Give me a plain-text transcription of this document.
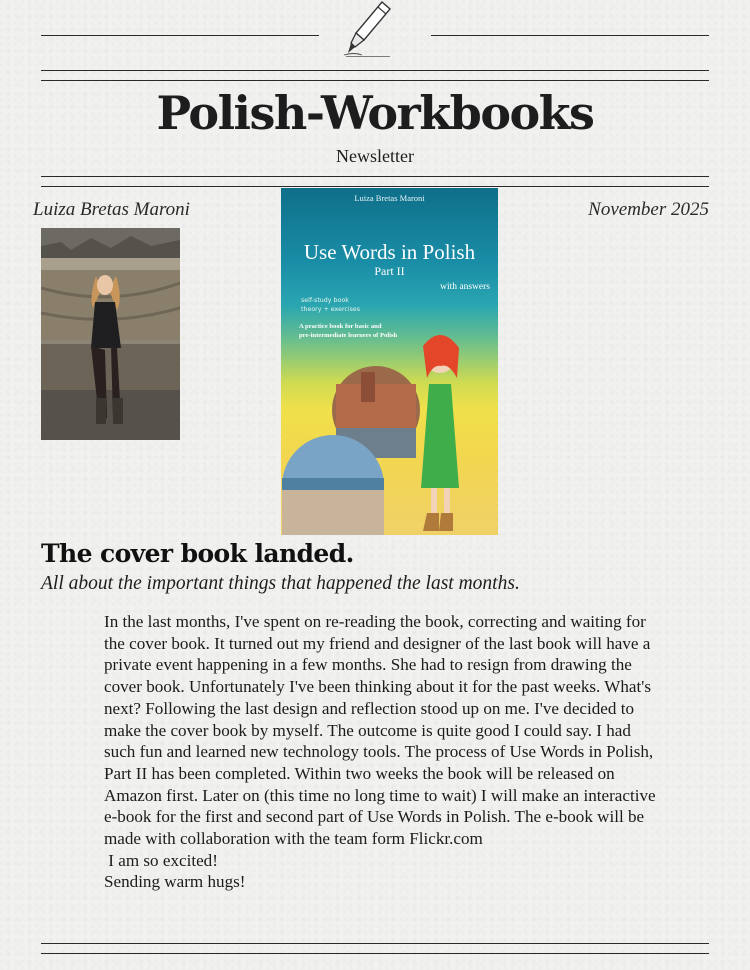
Polish-Workbooks
Newsletter
Luiza Bretas Maroni	November 2025
Luiza Bretas Maroni
Use Words in Polish
Part II
with answers
self-study book
theory + exercises
A practice book for basic and
pre-intermediate learners of Polish
The cover book landed.
All about the important things that happened the last months.

In the last months, I've spent on re-reading the book, correcting and waiting for the cover book. It turned out my friend and designer of the last book will have a private event happening in a few months. She had to resign from drawing the cover book. Unfortunately I've been thinking about it for the past weeks. What's next? Following the last design and reflection stood up on me. I've decided to make the cover book by myself. The outcome is quite good I could say. I had such fun and learned new technology tools. The process of Use Words in Polish, Part II has been completed. Within two weeks the book will be released on Amazon first. Later on (this time no long time to wait) I will make an interactive e-book for the first and second part of Use Words in Polish. The e-book will be made with collaboration with the team form Flickr.com

I am so excited!

Sending warm hugs!
